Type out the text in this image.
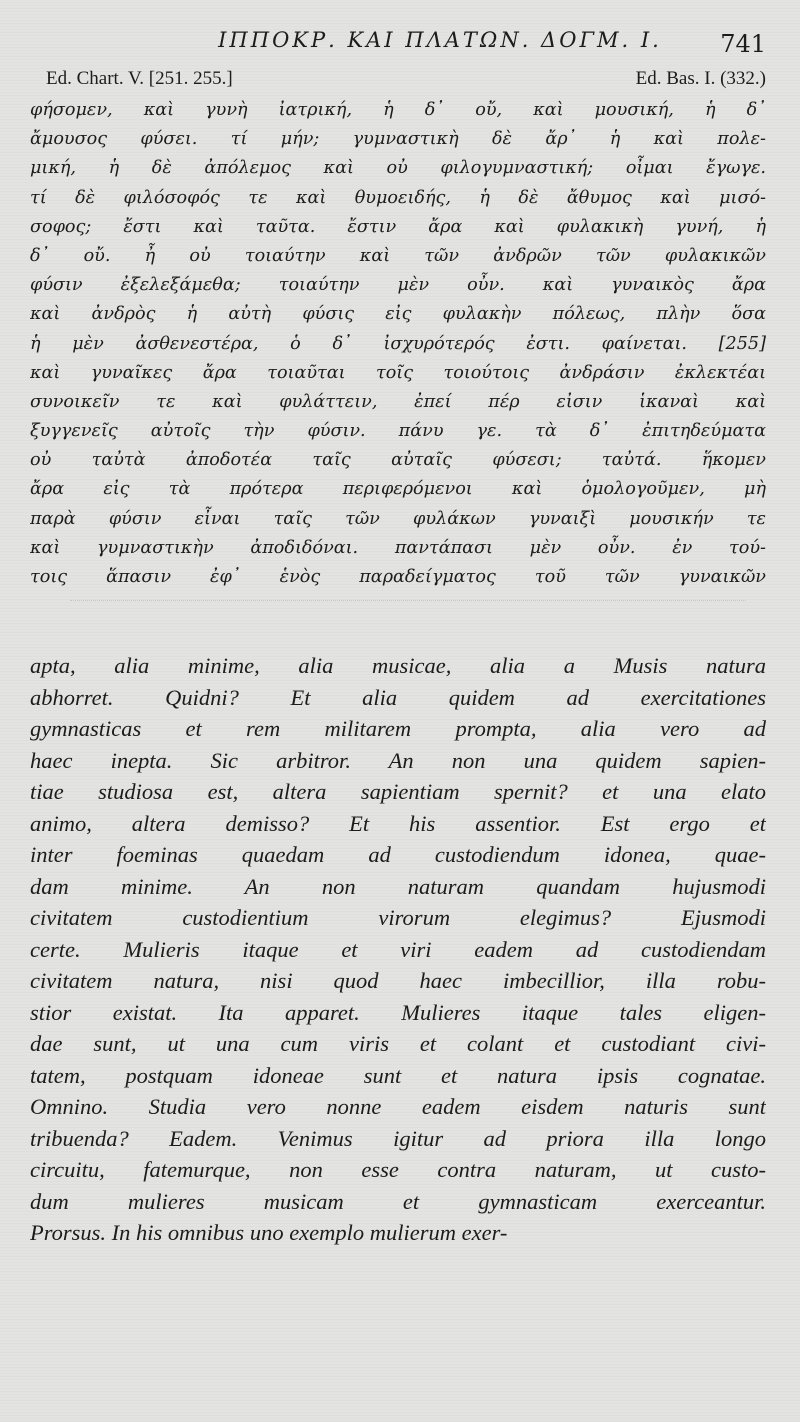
ΙΠΠΟΚΡ. ΚΑΙ ΠΛΑΤΩΝ. ΔΟΓΜ. Ι.	741
Ed. Chart. V. [251. 255.]	Ed. Bas. I. (332.)
φήσομεν, καὶ γυνὴ ἰατρική, ἡ δ᾽ οὔ, καὶ μουσική, ἡ δ᾽
ἄμουσος φύσει. τί μήν; γυμναστικὴ δὲ ἄρ᾽ ἡ καὶ πολε-
μική, ἡ δὲ ἀπόλεμος καὶ οὐ φιλογυμναστική; οἶμαι ἔγωγε.
τί δὲ φιλόσοφός τε καὶ θυμοειδής, ἡ δὲ ἄθυμος καὶ μισό-
σοφος; ἔστι καὶ ταῦτα. ἔστιν ἄρα καὶ φυλακικὴ γυνή, ἡ
δ᾽ οὔ. ἦ οὐ τοιαύτην καὶ τῶν ἀνδρῶν τῶν φυλακικῶν
φύσιν ἐξελεξάμεθα; τοιαύτην μὲν οὖν. καὶ γυναικὸς ἄρα
καὶ ἀνδρὸς ἡ αὐτὴ φύσις εἰς φυλακὴν πόλεως, πλὴν ὅσα
ἡ μὲν ἀσθενεστέρα, ὁ δ᾽ ἰσχυρότερός ἐστι. φαίνεται. [255]
καὶ γυναῖκες ἄρα τοιαῦται τοῖς τοιούτοις ἀνδράσιν ἐκλεκτέαι
συνοικεῖν τε καὶ φυλάττειν, ἐπεί πέρ εἰσιν ἱκαναὶ καὶ
ξυγγενεῖς αὐτοῖς τὴν φύσιν. πάνυ γε. τὰ δ᾽ ἐπιτηδεύματα
οὐ ταὐτὰ ἀποδοτέα ταῖς αὐταῖς φύσεσι; ταὐτά. ἥκομεν
ἄρα εἰς τὰ πρότερα περιφερόμενοι καὶ ὁμολογοῦμεν, μὴ
παρὰ φύσιν εἶναι ταῖς τῶν φυλάκων γυναιξὶ μουσικήν τε
καὶ γυμναστικὴν ἀποδιδόναι. παντάπασι μὲν οὖν. ἐν τού-
τοις ἅπασιν ἐφ᾽ ἑνὸς παραδείγματος τοῦ τῶν γυναικῶν
apta, alia minime, alia musicae, alia a Musis natura
abhorret. Quidni? Et alia quidem ad exercitationes
gymnasticas et rem militarem prompta, alia vero ad
haec inepta. Sic arbitror. An non una quidem sapien-
tiae studiosa est, altera sapientiam spernit? et una elato
animo, altera demisso? Et his assentior. Est ergo et
inter foeminas quaedam ad custodiendum idonea, quae-
dam minime. An non naturam quandam hujusmodi
civitatem custodientium virorum elegimus? Ejusmodi
certe. Mulieris itaque et viri eadem ad custodiendam
civitatem natura, nisi quod haec imbecillior, illa robu-
stior existat. Ita apparet. Mulieres itaque tales eligen-
dae sunt, ut una cum viris et colant et custodiant civi-
tatem, postquam idoneae sunt et natura ipsis cognatae.
Omnino. Studia vero nonne eadem eisdem naturis sunt
tribuenda? Eadem. Venimus igitur ad priora illa longo
circuitu, fatemurque, non esse contra naturam, ut custo-
dum mulieres musicam et gymnasticam exerceantur.
Prorsus. In his omnibus uno exemplo mulierum exer-
